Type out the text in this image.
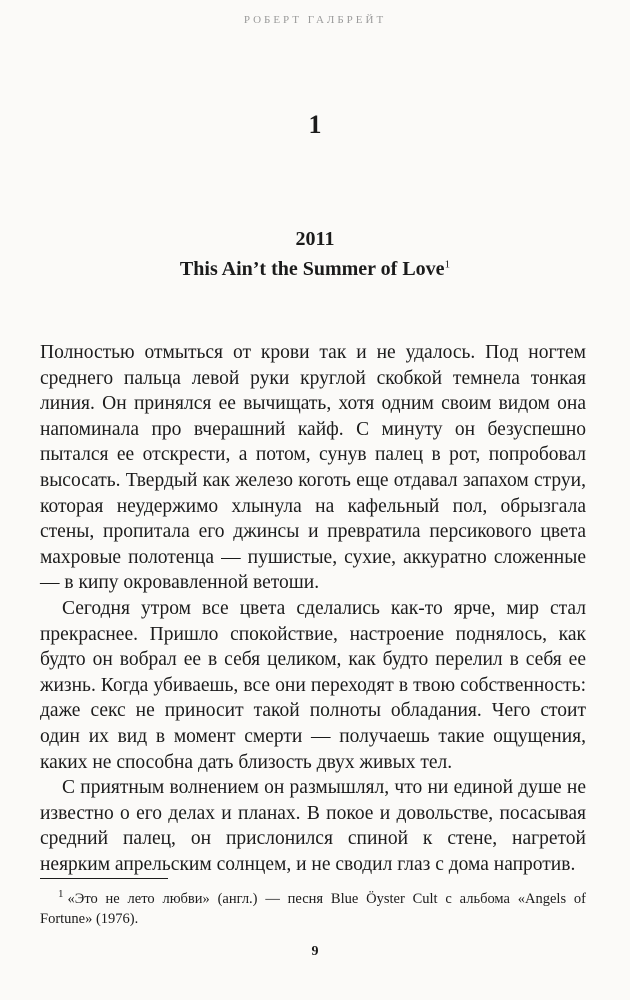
РОБЕРТ ГАЛБРЕЙТ
1
2011
This Ain’t the Summer of Love$^1$

Полностью отмыться от крови так и не удалось. Под ногтем среднего пальца левой руки круглой скобкой темнела тонкая линия. Он принялся ее вычищать, хотя одним своим видом она напоминала про вчерашний кайф. С минуту он безуспешно пытался ее отскрести, а потом, сунув палец в рот, попробовал высосать. Твердый как железо коготь еще отдавал запахом струи, которая неудержимо хлынула на кафельный пол, обрызгала стены, пропитала его джинсы и превратила персикового цвета махровые полотенца — пушистые, сухие, аккуратно сложенные — в кипу окровавленной ветоши.

Сегодня утром все цвета сделались как-то ярче, мир стал прекраснее. Пришло спокойствие, настроение поднялось, как будто он вобрал ее в себя целиком, как будто перелил в себя ее жизнь. Когда убиваешь, все они переходят в твою собственность: даже секс не приносит такой полноты обладания. Чего стоит один их вид в момент смерти — получаешь такие ощущения, каких не способна дать близость двух живых тел.

С приятным волнением он размышлял, что ни единой душе не известно о его делах и планах. В покое и довольстве, посасывая средний палец, он прислонился спиной к стене, нагретой неярким апрельским солнцем, и не сводил глаз с дома напротив.

$^1$ «Это не лето любви» (англ.) — песня Blue Öyster Cult с альбома «Angels of Fortune» (1976).
9
